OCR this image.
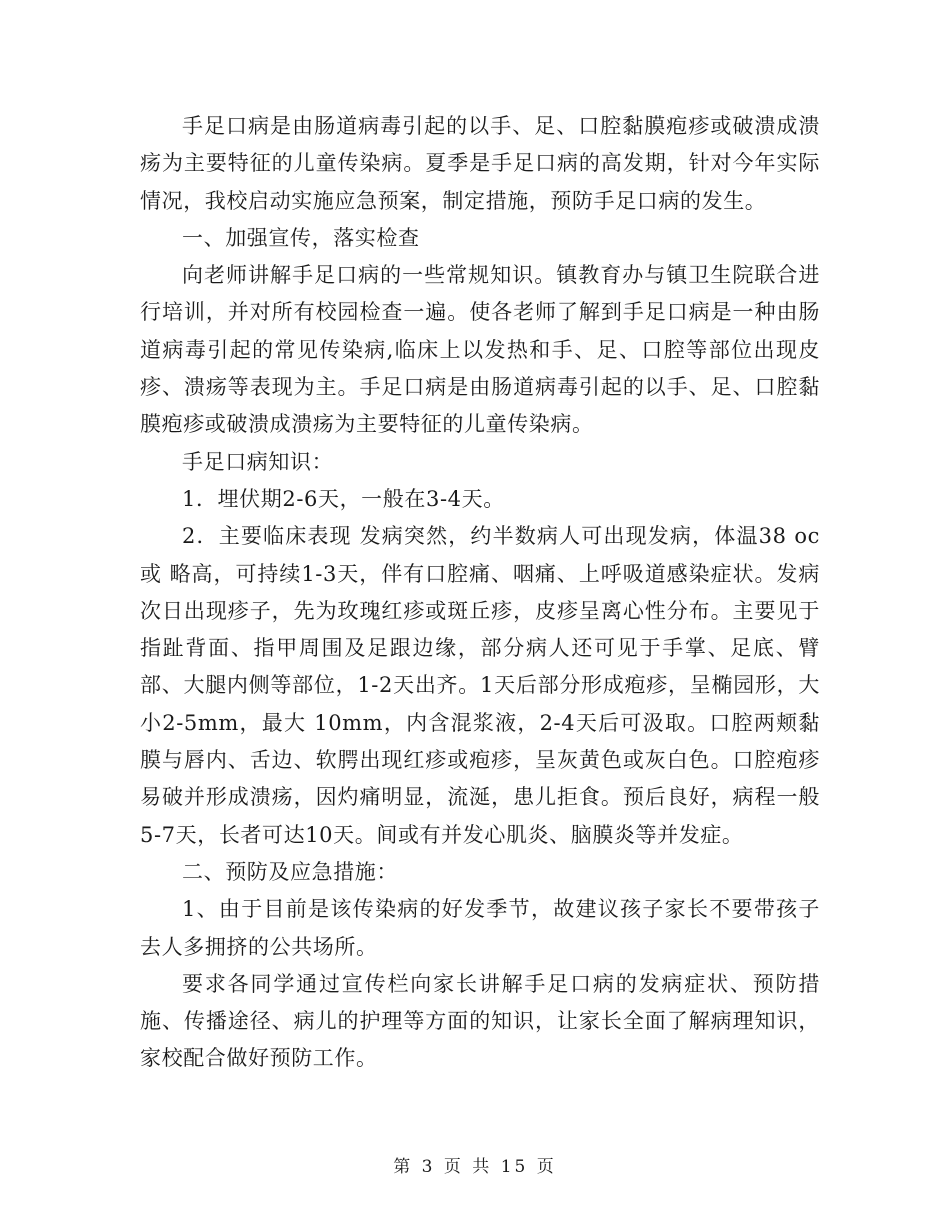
手足口病是由肠道病毒引起的以手、足、口腔黏膜疱疹或破溃成溃疡为主要特征的儿童传染病。夏季是手足口病的高发期，针对今年实际情况，我校启动实施应急预案，制定措施，预防手足口病的发生。

一、加强宣传，落实检查

向老师讲解手足口病的一些常规知识。镇教育办与镇卫生院联合进行培训，并对所有校园检查一遍。使各老师了解到手足口病是一种由肠道病毒引起的常见传染病,临床上以发热和手、足、口腔等部位出现皮疹、溃疡等表现为主。手足口病是由肠道病毒引起的以手、足、口腔黏膜疱疹或破溃成溃疡为主要特征的儿童传染病。

手足口病知识：

1．埋伏期2-6天，一般在3-4天。

2．主要临床表现 发病突然，约半数病人可出现发病，体温38 oc或 略高，可持续1-3天，伴有口腔痛、咽痛、上呼吸道感染症状。发病次日出现疹子，先为玫瑰红疹或斑丘疹，皮疹呈离心性分布。主要见于指趾背面、指甲周围及足跟边缘，部分病人还可见于手掌、足底、臂部、大腿内侧等部位，1-2天出齐。1天后部分形成疱疹，呈椭园形，大小2-5mm，最大 10mm，内含混浆液，2-4天后可汲取。口腔两颊黏膜与唇内、舌边、软腭出现红疹或疱疹，呈灰黄色或灰白色。口腔疱疹易破并形成溃疡，因灼痛明显，流涎，患儿拒食。预后良好，病程一般5-7天，长者可达10天。间或有并发心肌炎、脑膜炎等并发症。

二、预防及应急措施：

1、由于目前是该传染病的好发季节，故建议孩子家长不要带孩子去人多拥挤的公共场所。

要求各同学通过宣传栏向家长讲解手足口病的发病症状、预防措施、传播途径、病儿的护理等方面的知识，让家长全面了解病理知识，家校配合做好预防工作。

第 3 页 共 15 页
